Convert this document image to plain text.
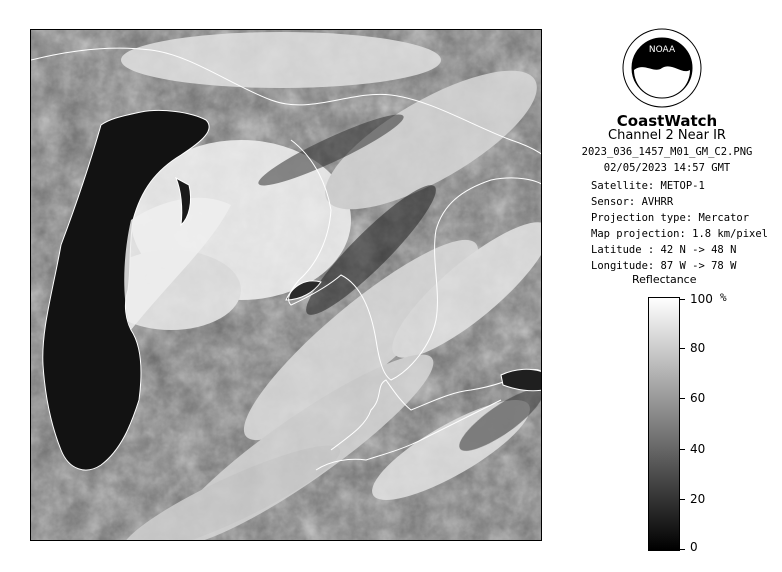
NOAA
CoastWatch
Channel 2 Near IR
2023_036_1457_M01_GM_C2.PNG
02/05/2023 14:57 GMT
Satellite: METOP-1
Sensor: AVHRR
Projection type: Mercator
Map projection: 1.8 km/pixel
Latitude : 42 N -> 48 N
Longitude: 87 W -> 78 W
Reflectance
%
100
80
60
40
20
0
